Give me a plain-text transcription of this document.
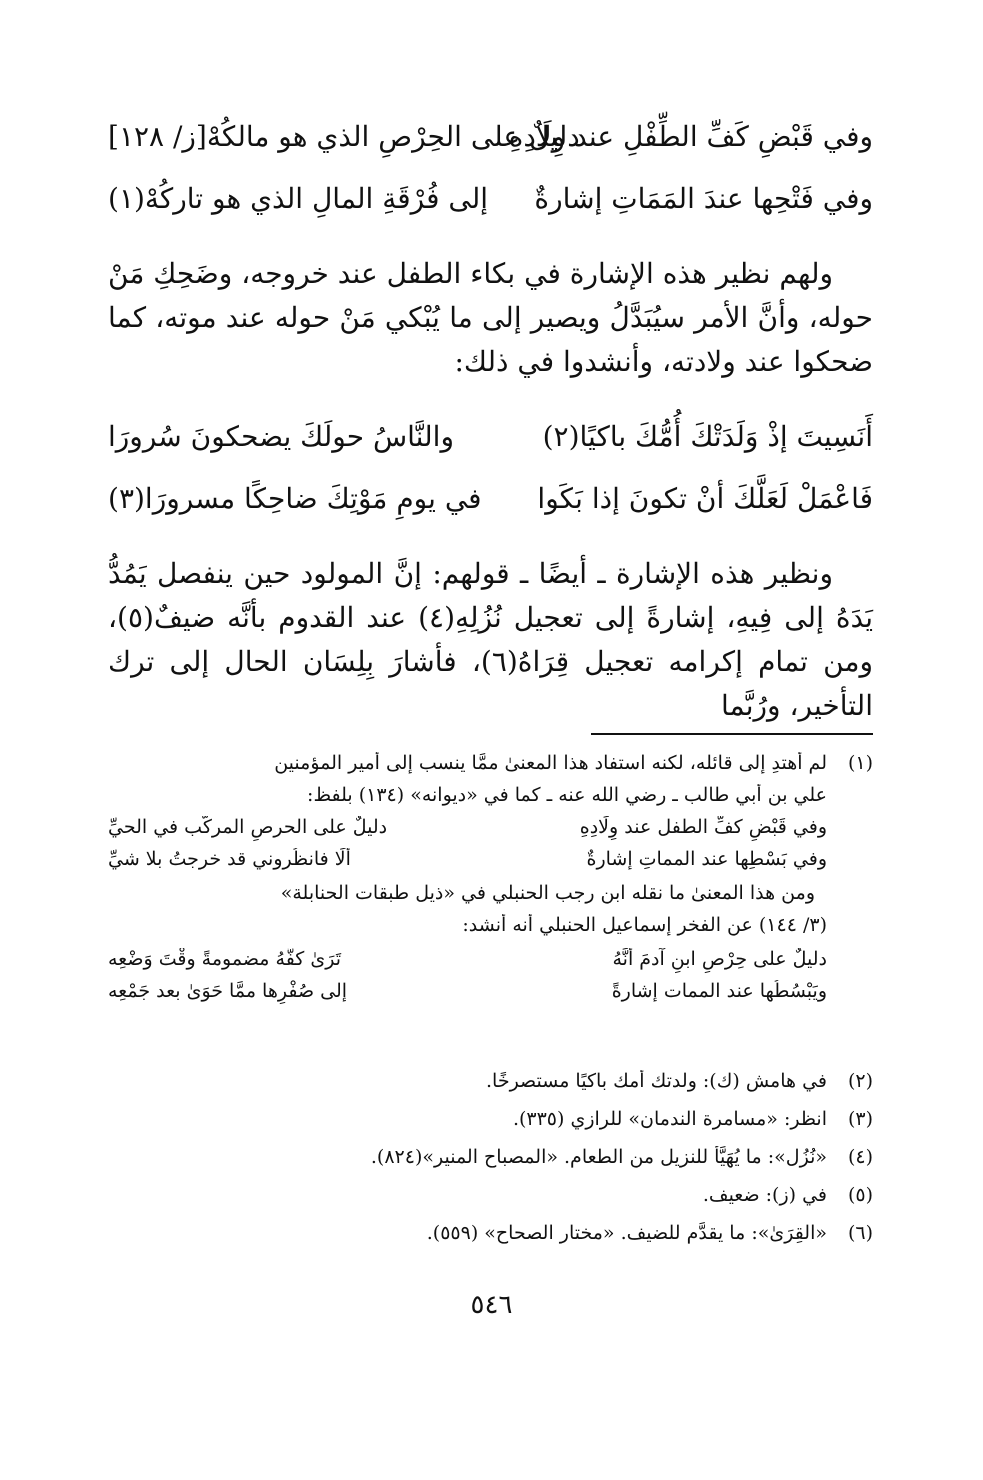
وفي قَبْضِ كَفِّ الطِّفْلِ عند وِلَادِهِ
دليلٌ على الحِرْصِ الذي هو مالكُهْ[ز/ ١٢٨]
وفي فَتْحِها عندَ المَمَاتِ إشارةٌ
إلى فُرْقَةِ المالِ الذي هو تاركُهْ(١)

ولهم نظير هذه الإشارة في بكاء الطفل عند خروجه، وضَحِكِ مَنْ حوله، وأنَّ الأمر سيُبَدَّلُ ويصير إلى ما يُبْكي مَنْ حوله عند موته، كما ضحكوا عند ولادته، وأنشدوا في ذلك:

أَنَسِيتَ إذْ وَلَدَتْكَ أُمُّكَ باكيًا(٢)
والنَّاسُ حولَكَ يضحكونَ سُرورَا
فَاعْمَلْ لَعَلَّكَ أنْ تكونَ إذا بَكَوا
في يومِ مَوْتِكَ ضاحِكًا مسرورَا(٣)

ونظير هذه الإشارة ـ أيضًا ـ قولهم: إنَّ المولود حين ينفصل يَمُدُّ يَدَهُ إلى فِيهِ، إشارةً إلى تعجيل نُزُلِهِ(٤) عند القدوم بأنَّه ضيفٌ(٥)، ومن تمام إكرامه تعجيل قِرَاهُ(٦)، فأشارَ بِلِسَان الحال إلى ترك التأخير، ورُبَّما

(١)
لم أهتدِ إلى قائله، لكنه استفاد هذا المعنىٰ ممَّا ينسب إلى أمير المؤمنين
علي بن أبي طالب ـ رضي الله عنه ـ كما في «ديوانه» (١٣٤) بلفظ:
وفي قَبْضِ كفِّ الطفل عند وِلَادِهِ
دليلٌ على الحرصِ المركَّب في الحيِّ
وفي بَسْطِها عند المماتِ إشارةٌ
أَلَا فانظُروني قد خرجتُ بلا شيِّ
ومن هذا المعنىٰ ما نقله ابن رجب الحنبلي في «ذيل طبقات الحنابلة»
(٣/ ١٤٤) عن الفخر إسماعيل الحنبلي أنه أنشد:
دليلٌ على حِرْصِ ابنِ آدمَ أنَّهُ
تَرَىٰ كفَّهُ مضمومةً وقْتَ وَضْعِه
ويَبْسُطُها عند الممات إشارةً
إلى صُفْرِها ممَّا حَوَىٰ بعد جَمْعِه
(٢)
في هامش (ك): ولدتك أمك باكيًا مستصرخًا.
(٣)
انظر: «مسامرة الندمان» للرازي (٣٣٥).
(٤)
«نُزُل»: ما يُهَيَّأُ للنزيل من الطعام. «المصباح المنير»(٨٢٤).
(٥)
في (ز): ضعيف.
(٦)
«القِرَىٰ»: ما يقدَّم للضيف. «مختار الصحاح» (٥٥٩).
٥٤٦
